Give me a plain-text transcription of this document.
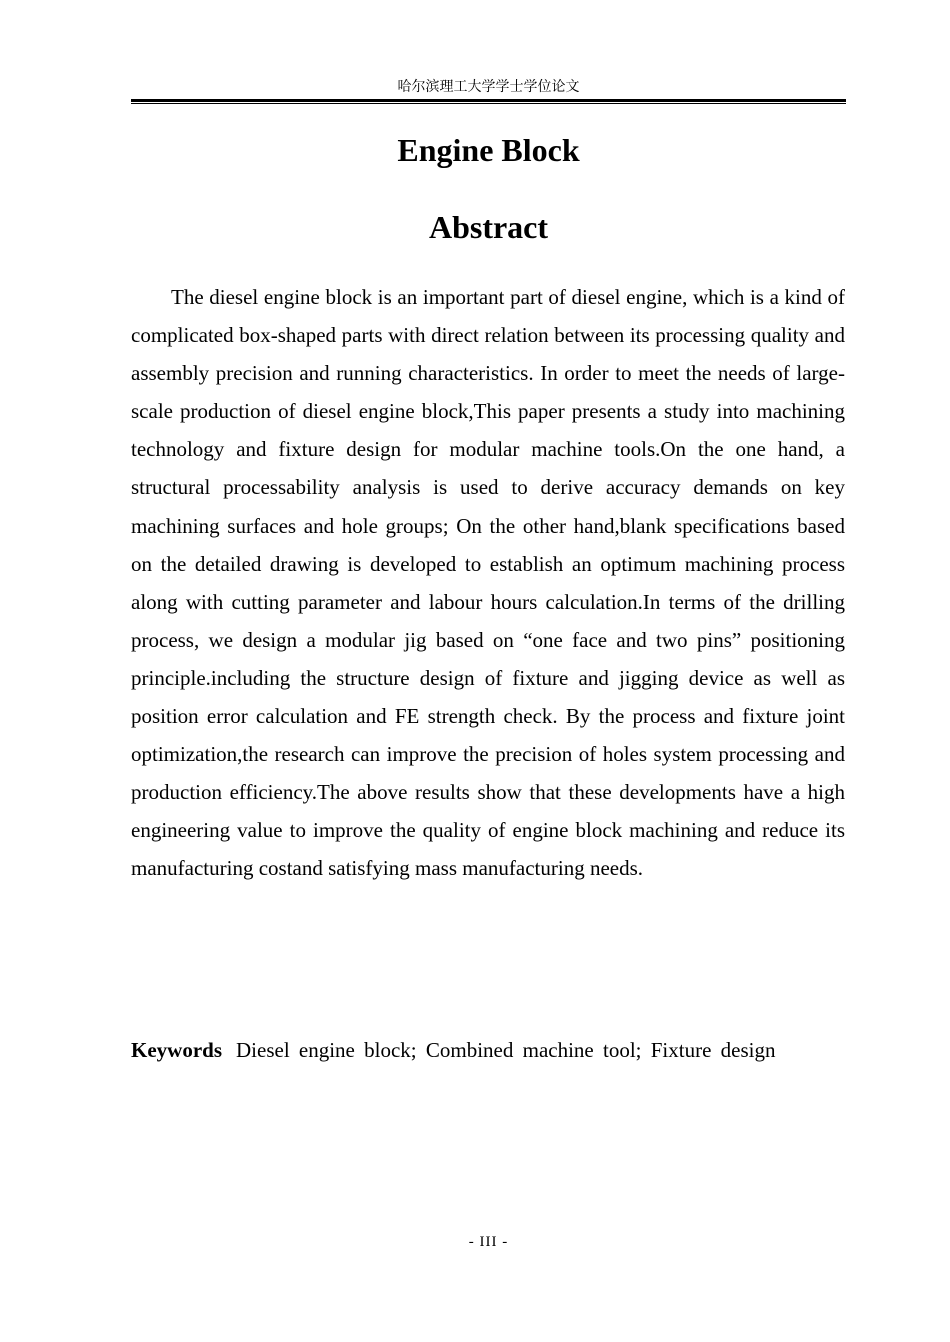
哈尔滨理工大学学士学位论文
Engine Block
Abstract

The diesel engine block is an important part of diesel engine, which is a kind of complicated box-shaped parts with direct relation between its processing quality and assembly precision and running characteristics. In order to meet the needs of large-scale production of diesel engine block,This paper presents a study into machining technology and fixture design for modular machine tools.On the one hand, a structural processability analysis is used to derive accuracy demands on key machining surfaces and hole groups; On the other hand,blank specifications based on the detailed drawing is developed to establish an optimum machining process along with cutting parameter and labour hours calculation.In terms of the drilling process, we design a modular jig based on “one face and two pins” positioning principle.including the structure design of fixture and jigging device as well as position error calculation and FE strength check. By the process and fixture joint optimization,the research can improve the precision of holes system processing and production efficiency.The above results show that these developments have a high engineering value to improve the quality of engine block machining and reduce its manufacturing costand satisfying mass manufacturing needs.

Keywords Diesel engine block; Combined machine tool; Fixture design
- III -
